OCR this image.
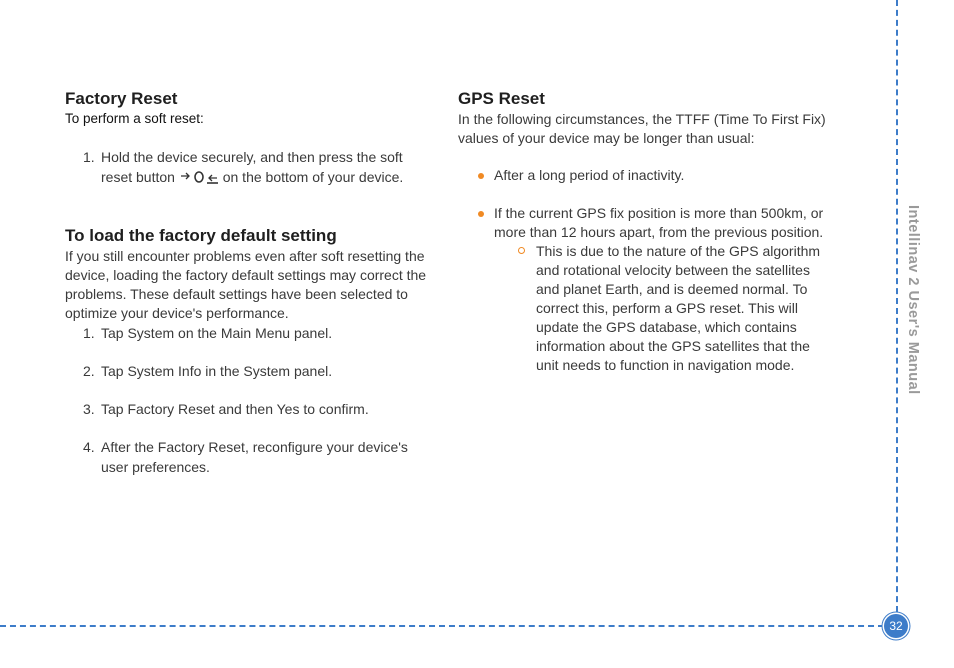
Factory Reset
To perform a soft reset:
1. Hold the device securely, and then press the soft reset button	on the bottom of your device.
To load the factory default setting

If you still encounter problems even after soft resetting the device, loading the factory default settings may correct the problems. These default settings have been selected to optimize your device's performance.

1. Tap System on the Main Menu panel.
2. Tap System Info in the System panel.
3. Tap Factory Reset and then Yes to confirm.
4. After the Factory Reset, reconfigure your device's user preferences.
GPS Reset

In the following circumstances, the TTFF (Time To First Fix) values of your device may be longer than usual:

After a long period of inactivity.
If the current GPS fix position is more than 500km, or more than 12 hours apart, from the previous position.
This is due to the nature of the GPS algorithm and rotational velocity between the satellites and planet Earth, and is deemed normal. To correct this, perform a GPS reset. This will update the GPS database, which contains information about the GPS satellites that the unit needs to function in navigation mode.	Intellinav 2 User's Manual
32
